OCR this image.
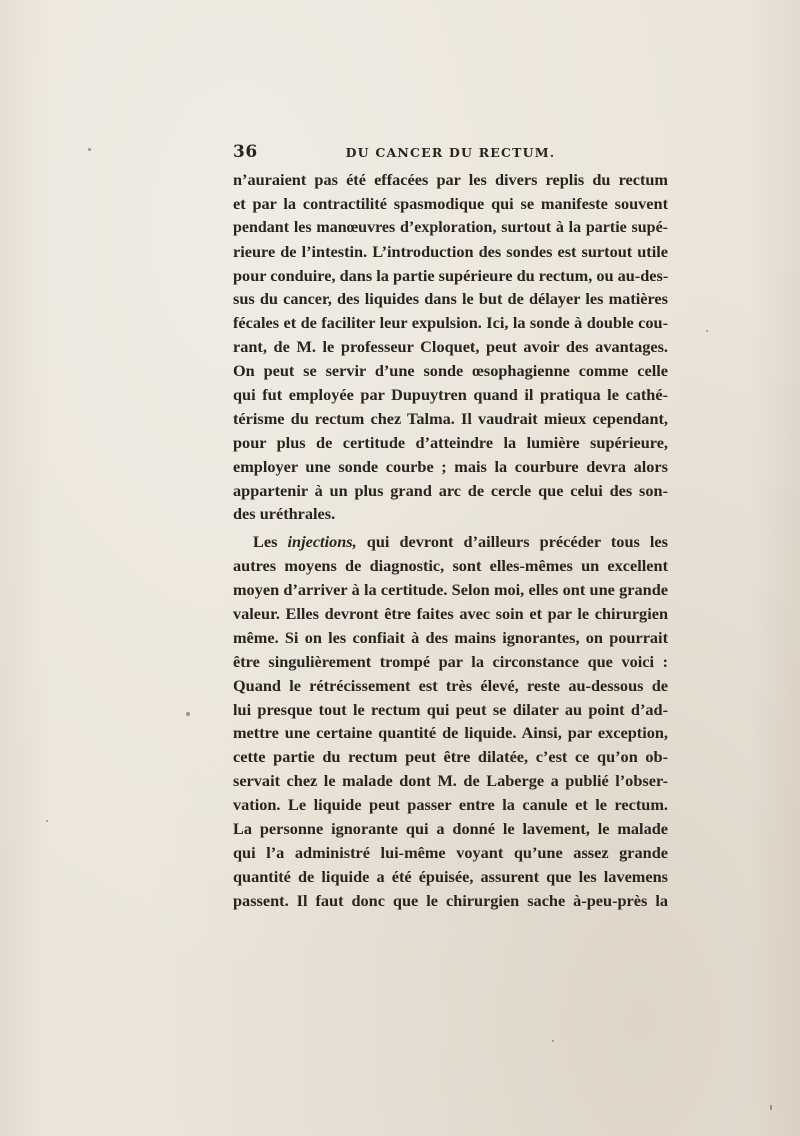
36	DU CANCER DU RECTUM.
n’auraient pas été effacées par les divers replis du rectum
et par la contractilité spasmodique qui se manifeste souvent
pendant les manœuvres d’exploration, surtout à la partie supé-
rieure de l’intestin. L’introduction des sondes est surtout utile
pour conduire, dans la partie supérieure du rectum, ou au-des-
sus du cancer, des liquides dans le but de délayer les matières
fécales et de faciliter leur expulsion. Ici, la sonde à double cou-
rant, de M. le professeur Cloquet, peut avoir des avantages.
On peut se servir d’une sonde œsophagienne comme celle
qui fut employée par Dupuytren quand il pratiqua le cathé-
térisme du rectum chez Talma. Il vaudrait mieux cependant,
pour plus de certitude d’atteindre la lumière supérieure,
employer une sonde courbe ; mais la courbure devra alors
appartenir à un plus grand arc de cercle que celui des son-
des uréthrales.
Les injections, qui devront d’ailleurs précéder tous les
autres moyens de diagnostic, sont elles-mêmes un excellent
moyen d’arriver à la certitude. Selon moi, elles ont une grande
valeur. Elles devront être faites avec soin et par le chirurgien
même. Si on les confiait à des mains ignorantes, on pourrait
être singulièrement trompé par la circonstance que voici :
Quand le rétrécissement est très élevé, reste au-dessous de
lui presque tout le rectum qui peut se dilater au point d’ad-
mettre une certaine quantité de liquide. Ainsi, par exception,
cette partie du rectum peut être dilatée, c’est ce qu’on ob-
servait chez le malade dont M. de Laberge a publié l’obser-
vation. Le liquide peut passer entre la canule et le rectum.
La personne ignorante qui a donné le lavement, le malade
qui l’a administré lui-même voyant qu’une assez grande
quantité de liquide a été épuisée, assurent que les lavemens
passent. Il faut donc que le chirurgien sache à-peu-près la
